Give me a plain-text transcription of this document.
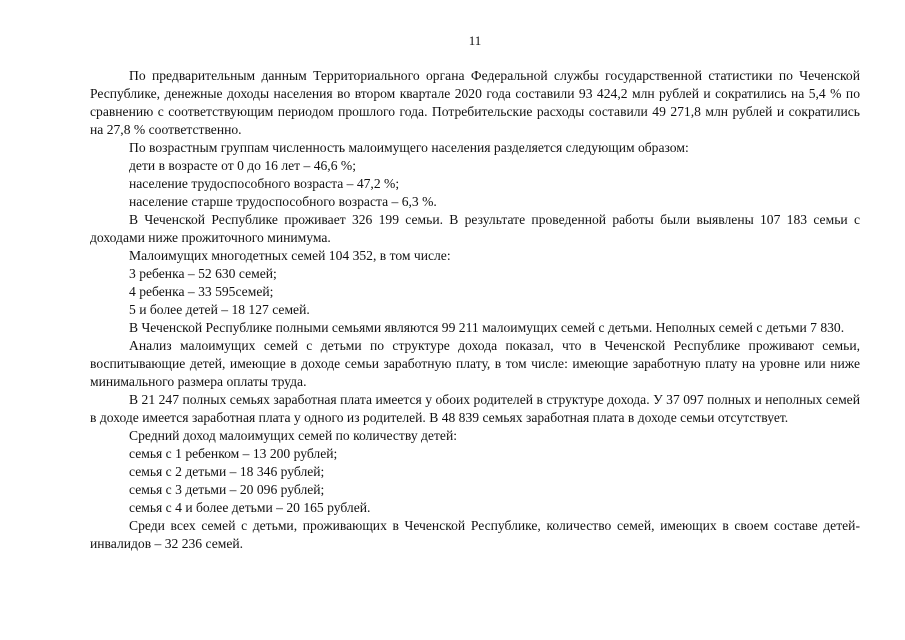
11

По предварительным данным Территориального органа Федеральной службы государственной статистики по Чеченской Республике, денежные доходы населения во втором квартале 2020 года составили 93 424,2 млн рублей и сократились на 5,4 % по сравнению с соответствующим периодом прошлого года. Потребительские расходы составили 49 271,8 млн рублей и сократились на 27,8 % соответственно.

По возрастным группам численность малоимущего населения разделяется следующим образом:

дети в возрасте от 0 до 16 лет – 46,6 %;

население трудоспособного возраста – 47,2 %;

население старше трудоспособного возраста – 6,3 %.

В Чеченской Республике проживает 326 199 семьи. В результате проведенной работы были выявлены 107 183 семьи с доходами ниже прожиточного минимума.

Малоимущих многодетных семей 104 352, в том числе:

3 ребенка – 52 630 семей;

4 ребенка – 33 595семей;

5 и более детей – 18 127 семей.

В Чеченской Республике полными семьями являются 99 211 малоимущих семей с детьми. Неполных семей с детьми 7 830.

Анализ малоимущих семей с детьми по структуре дохода показал, что в Чеченской Республике проживают семьи, воспитывающие детей, имеющие в доходе семьи заработную плату, в том числе: имеющие заработную плату на уровне или ниже минимального размера оплаты труда.

В 21 247 полных семьях заработная плата имеется у обоих родителей в структуре дохода. У 37 097 полных и неполных семей в доходе имеется заработная плата у одного из родителей. В 48 839 семьях заработная плата в доходе семьи отсутствует.

Средний доход малоимущих семей по количеству детей:

семья с 1 ребенком – 13 200 рублей;

семья с 2 детьми – 18 346 рублей;

семья с 3 детьми – 20 096 рублей;

семья с 4 и более детьми – 20 165 рублей.

Среди всех семей с детьми, проживающих в Чеченской Республике, количество семей, имеющих в своем составе детей-инвалидов – 32 236 семей.
